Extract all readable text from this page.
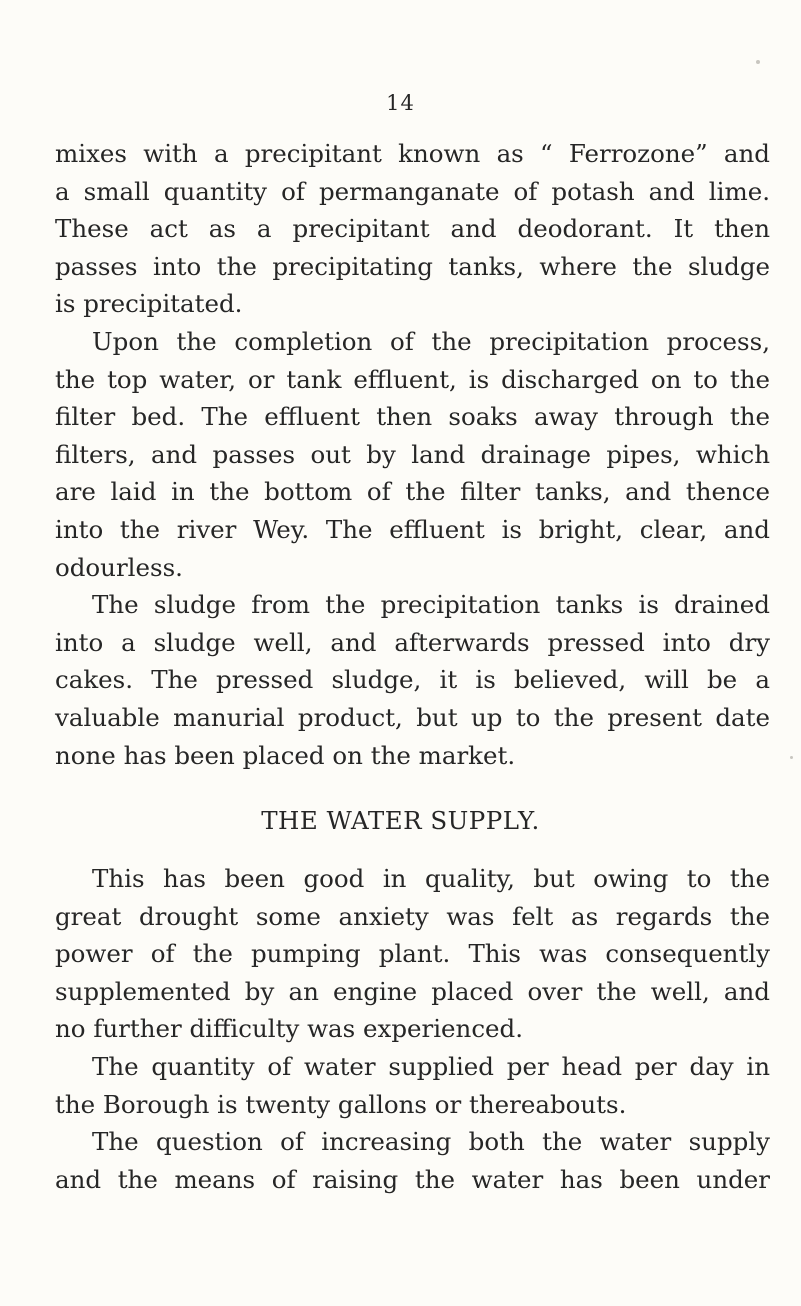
14
mixes with a precipitant known as “ Ferrozone” and
a small quantity of permanganate of potash and lime.
These act as a precipitant and deodorant. It then
passes into the precipitating tanks, where the sludge
is precipitated.
Upon the completion of the precipitation process,
the top water, or tank effluent, is discharged on to the
filter bed. The effluent then soaks away through the
filters, and passes out by land drainage pipes, which
are laid in the bottom of the filter tanks, and thence
into the river Wey. The effluent is bright, clear, and
odourless.
The sludge from the precipitation tanks is drained
into a sludge well, and afterwards pressed into dry
cakes. The pressed sludge, it is believed, will be a
valuable manurial product, but up to the present date
none has been placed on the market.
THE WATER SUPPLY.
This has been good in quality, but owing to the
great drought some anxiety was felt as regards the
power of the pumping plant. This was consequently
supplemented by an engine placed over the well, and
no further difficulty was experienced.
The quantity of water supplied per head per day in
the Borough is twenty gallons or thereabouts.
The question of increasing both the water supply
and the means of raising the water has been under
